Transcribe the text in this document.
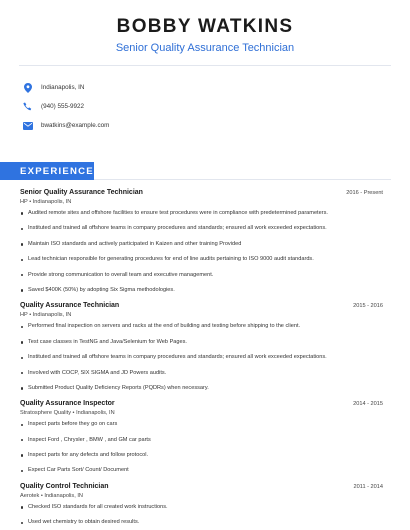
BOBBY WATKINS
Senior Quality Assurance Technician
Indianapolis, IN
(940) 555-9922
bwatkins@example.com
EXPERIENCE
Senior Quality Assurance Technician	2016 - Present
HP • Indianapolis, IN
Audited remote sites and offshore facilities to ensure test procedures were in compliance with predetermined parameters.
Instituted and trained all offshore teams in company procedures and standards; ensured all work exceeded expectations.
Maintain ISO standards and actively participated in Kaizen and other training Provided
Lead technician responsible for generating procedures for end of line audits pertaining to ISO 9000 audit standards.
Provide strong communication to overall team and executive management.
Saved $400K (50%) by adopting Six Sigma methodologies.
Quality Assurance Technician	2015 - 2016
HP • Indianapolis, IN
Performed final inspection on servers and racks at the end of building and testing before shipping to the client.
Test case classes in TestNG and Java/Selenium for Web Pages.
Instituted and trained all offshore teams in company procedures and standards; ensured all work exceeded expectations.
Involved with COCP, SIX SIGMA and JD Powers audits.
Submitted Product Quality Deficiency Reports (PQDRs) when necessary.
Quality Assurance Inspector	2014 - 2015
Stratosphere Quality • Indianapolis, IN
Inspect parts before they go on cars
Inspect Ford , Chrysler , BMW , and GM car parts
Inspect parts for any defects and follow protocol.
Expect Car Parts Sort/ Count/ Document
Quality Control Technician	2011 - 2014
Aerotek • Indianapolis, IN
Checked ISO standards for all created work instructions.
Used wet chemistry to obtain desired results.
